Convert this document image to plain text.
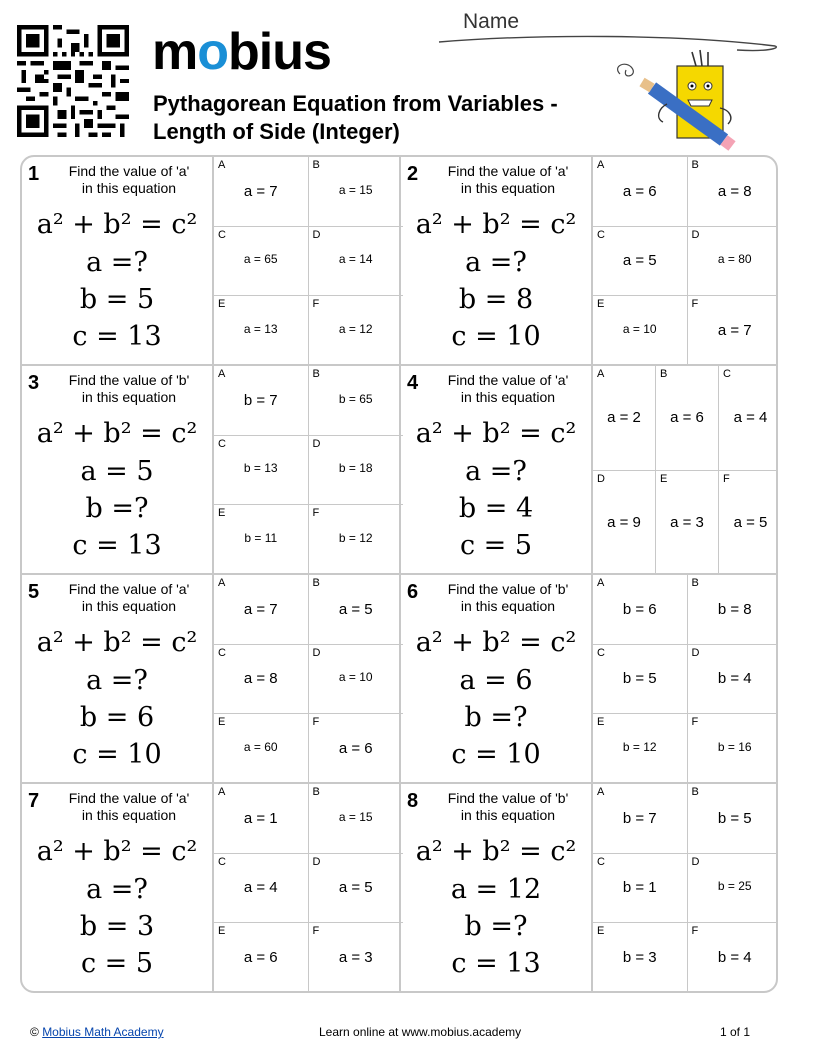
mobius
Pythagorean Equation from Variables -
Length of Side (Integer)
Name
1	Find the value of 'a'
in this equation
a² + b² = c²
a =?
b = 5
c = 13
A
a = 7
B
a = 15
C
a = 65
D
a = 14
E
a = 13
F
a = 12
2	Find the value of 'a'
in this equation
a² + b² = c²
a =?
b = 8
c = 10
A
a = 6
B
a = 8
C
a = 5
D
a = 80
E
a = 10
F
a = 7
3	Find the value of 'b'
in this equation
a² + b² = c²
a = 5
b =?
c = 13
A
b = 7
B
b = 65
C
b = 13
D
b = 18
E
b = 11
F
b = 12
4	Find the value of 'a'
in this equation
a² + b² = c²
a =?
b = 4
c = 5
A
a = 2
B
a = 6
C
a = 4
D
a = 9
E
a = 3
F
a = 5
5	Find the value of 'a'
in this equation
a² + b² = c²
a =?
b = 6
c = 10
A
a = 7
B
a = 5
C
a = 8
D
a = 10
E
a = 60
F
a = 6
6	Find the value of 'b'
in this equation
a² + b² = c²
a = 6
b =?
c = 10
A
b = 6
B
b = 8
C
b = 5
D
b = 4
E
b = 12
F
b = 16
7	Find the value of 'a'
in this equation
a² + b² = c²
a =?
b = 3
c = 5
A
a = 1
B
a = 15
C
a = 4
D
a = 5
E
a = 6
F
a = 3
8	Find the value of 'b'
in this equation
a² + b² = c²
a = 12
b =?
c = 13
A
b = 7
B
b = 5
C
b = 1
D
b = 25
E
b = 3
F
b = 4
© Mobius Math Academy	Learn online at www.mobius.academy	1 of 1
